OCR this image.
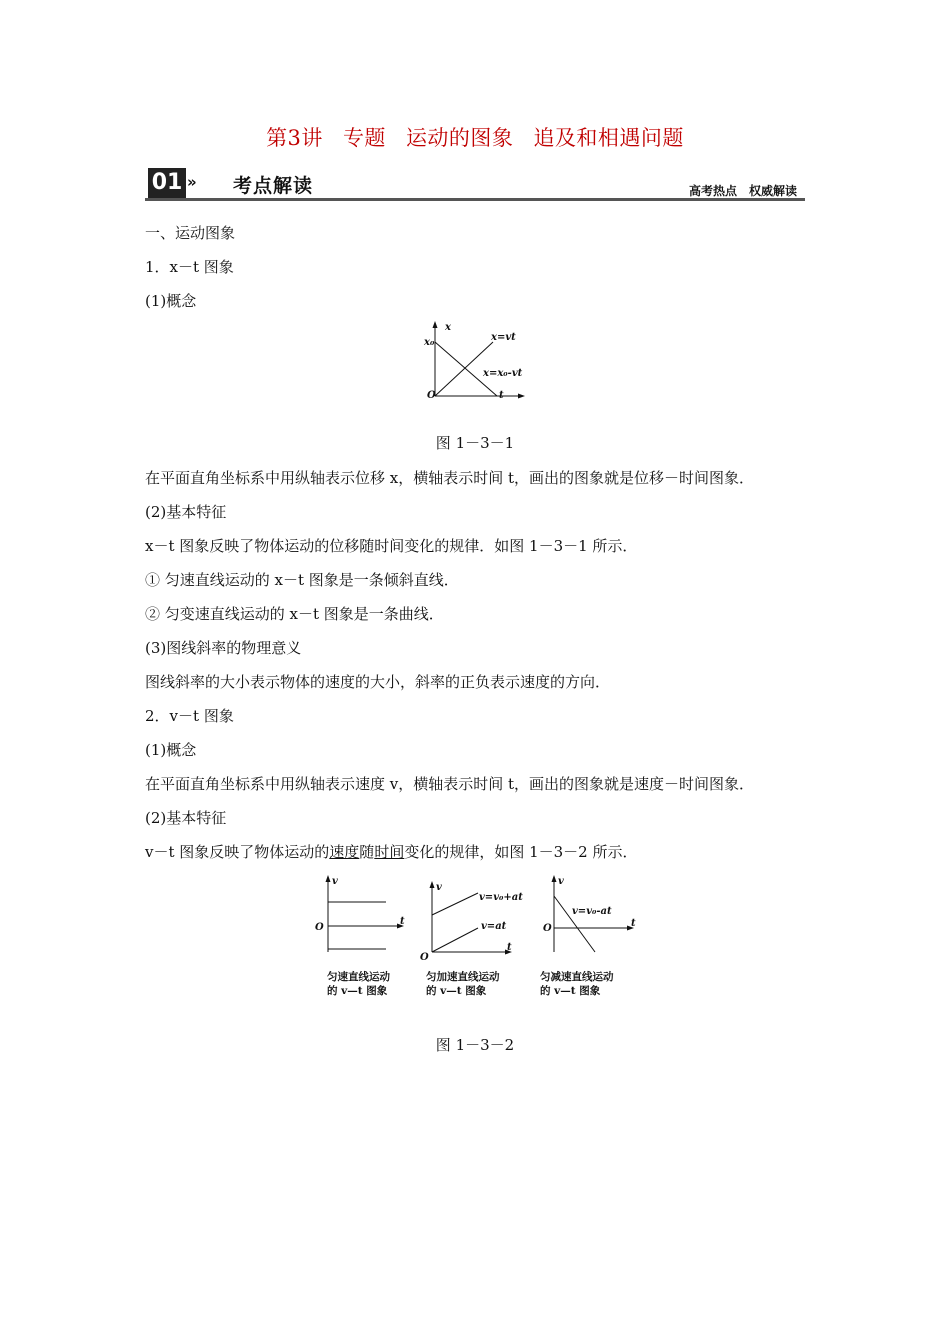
第3讲 专题 运动的图象 追及和相遇问题
01 » 考点解读	高考热点　权威解读
一、运动图象
1．x－t 图象
(1)概念
x
x₀	x=vt
x=x₀-vt
O	t
图 1－3－1
在平面直角坐标系中用纵轴表示位移 x，横轴表示时间 t，画出的图象就是位移－时间图象．
(2)基本特征
x－t 图象反映了物体运动的位移随时间变化的规律．如图 1－3－1 所示．
① 匀速直线运动的 x－t 图象是一条倾斜直线．
② 匀变速直线运动的 x－t 图象是一条曲线．
(3)图线斜率的物理意义
图线斜率的大小表示物体的速度的大小，斜率的正负表示速度的方向．
2．v－t 图象
(1)概念
在平面直角坐标系中用纵轴表示速度 v，横轴表示时间 t，画出的图象就是速度－时间图象．
(2)基本特征
v－t 图象反映了物体运动的速度随时间变化的规律，如图 1－3－2 所示．
v
O
t
匀速直线运动
的 v—t 图象
v
v=v₀+at
v=at
O
t
匀加速直线运动
的 v—t 图象
v
v=v₀-at
O	t
匀减速直线运动
的 v—t 图象
图 1－3－2
